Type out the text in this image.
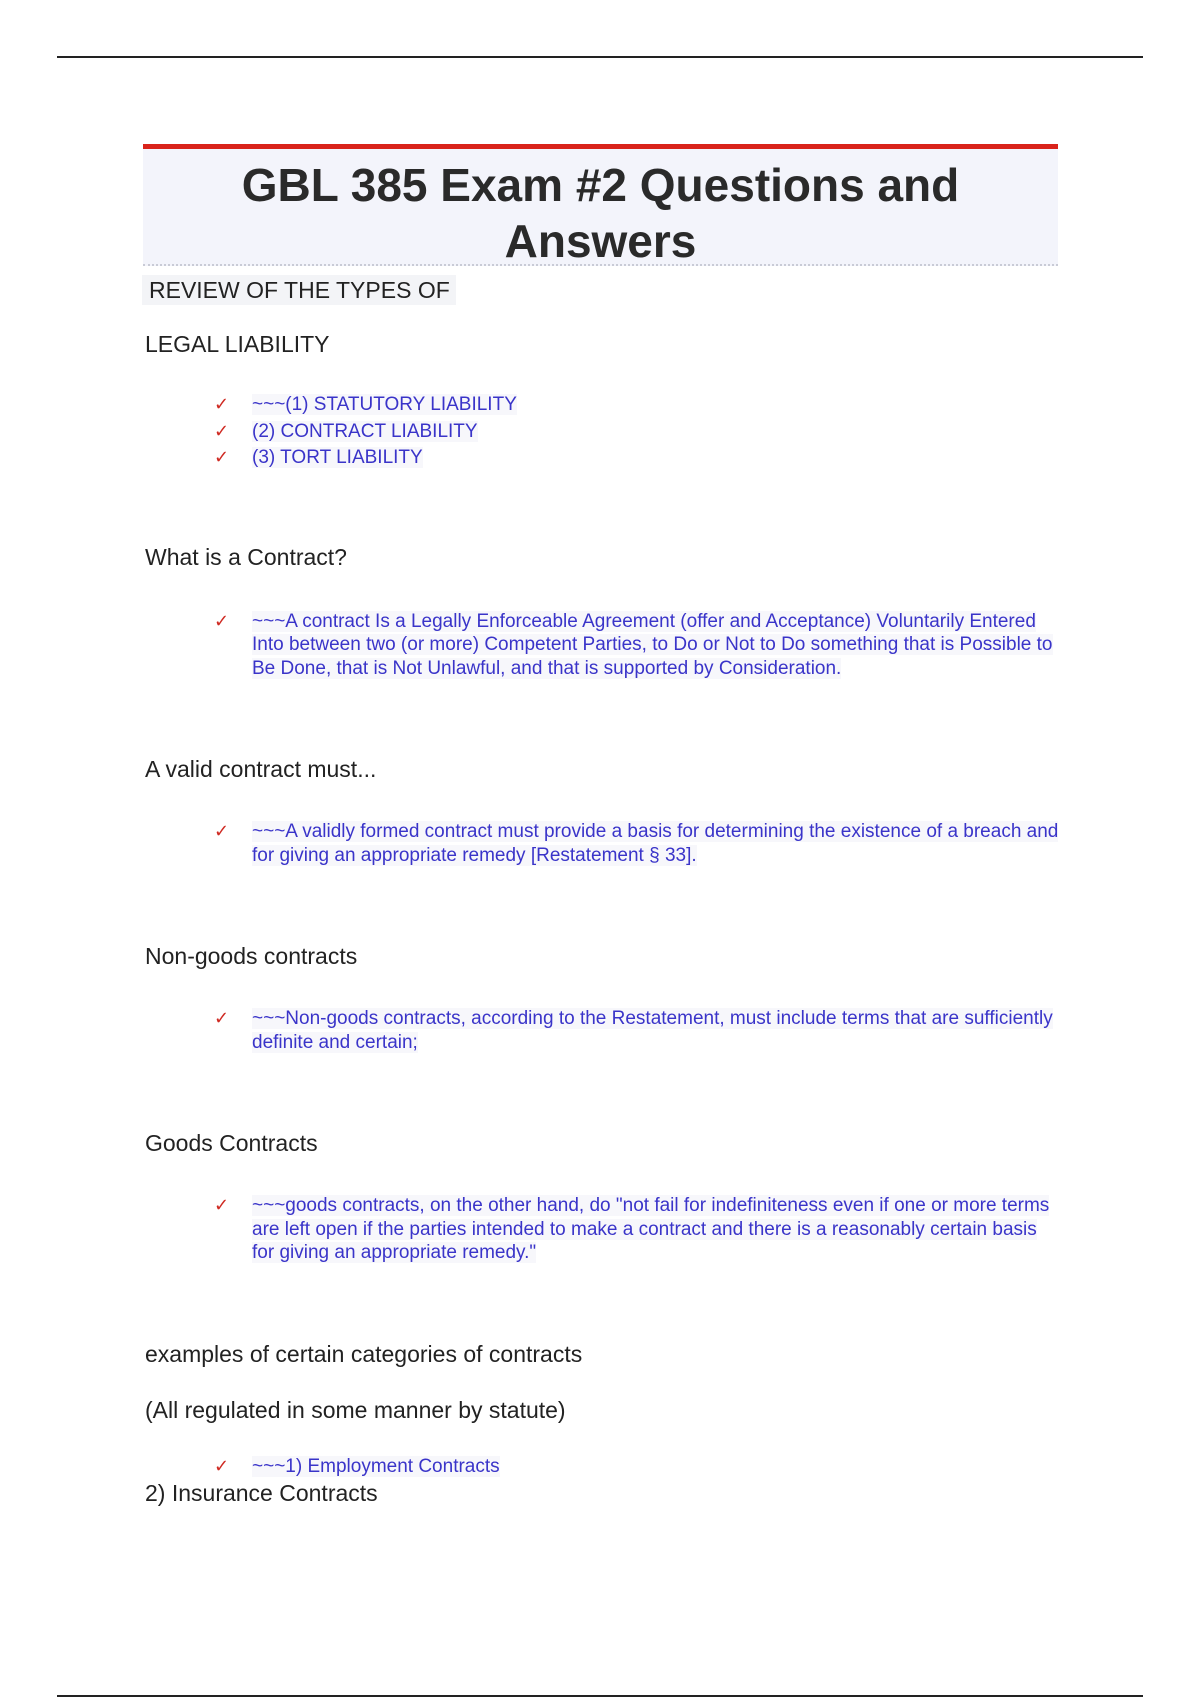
GBL 385 Exam #2 Questions and Answers

REVIEW OF THE TYPES OF

LEGAL LIABILITY

✓ ~~~(1) STATUTORY LIABILITY
✓ (2) CONTRACT LIABILITY
✓ (3) TORT LIABILITY

What is a Contract?

✓ ~~~A contract Is a Legally Enforceable Agreement (offer and Acceptance) Voluntarily Entered Into between two (or more) Competent Parties, to Do or Not to Do something that is Possible to Be Done, that is Not Unlawful, and that is supported by Consideration.

A valid contract must...

✓ ~~~A validly formed contract must provide a basis for determining the existence of a breach and for giving an appropriate remedy [Restatement § 33].

Non-goods contracts

✓ ~~~Non-goods contracts, according to the Restatement, must include terms that are sufficiently definite and certain;

Goods Contracts

✓ ~~~goods contracts, on the other hand, do "not fail for indefiniteness even if one or more terms are left open if the parties intended to make a contract and there is a reasonably certain basis for giving an appropriate remedy."

examples of certain categories of contracts

(All regulated in some manner by statute)

✓ ~~~1) Employment Contracts

2) Insurance Contracts
